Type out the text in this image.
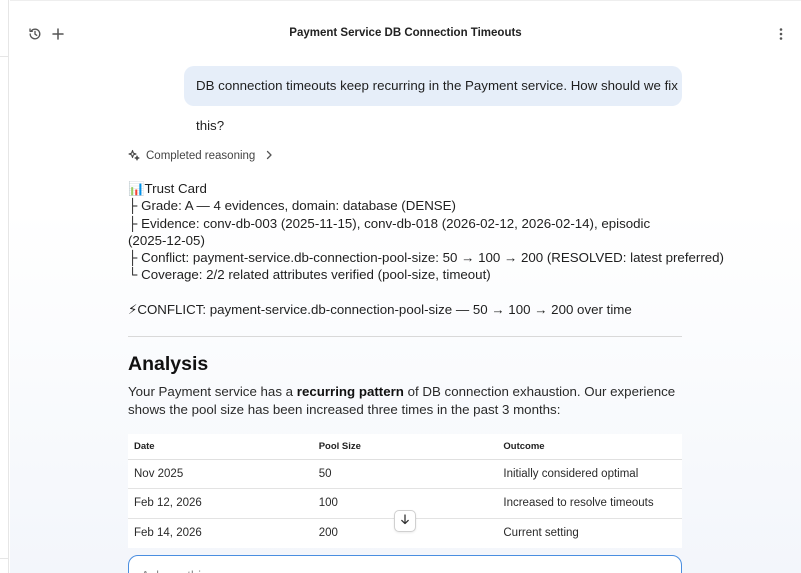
Payment Service DB Connection Timeouts
DB connection timeouts keep recurring in the Payment service. How should we fix this?
Completed reasoning
📊Trust Card
├ Grade: A — 4 evidences, domain: database (DENSE)
├ Evidence: conv-db-003 (2025-11-15), conv-db-018 (2026-02-12, 2026-02-14), episodic (2025-12-05)
├ Conflict: payment-service.db-connection-pool-size: 50 → 100 → 200 (RESOLVED: latest preferred)
└ Coverage: 2/2 related attributes verified (pool-size, timeout)
⚡CONFLICT: payment-service.db-connection-pool-size — 50 → 100 → 200 over time
Analysis
Your Payment service has a recurring pattern of DB connection exhaustion. Our experience shows the pool size has been increased three times in the past 3 months:
Date	Pool Size	Outcome
Nov 2025	50	Initially considered optimal
Feb 12, 2026	100	Increased to resolve timeouts
Feb 14, 2026	200	Current setting
Ask anything
